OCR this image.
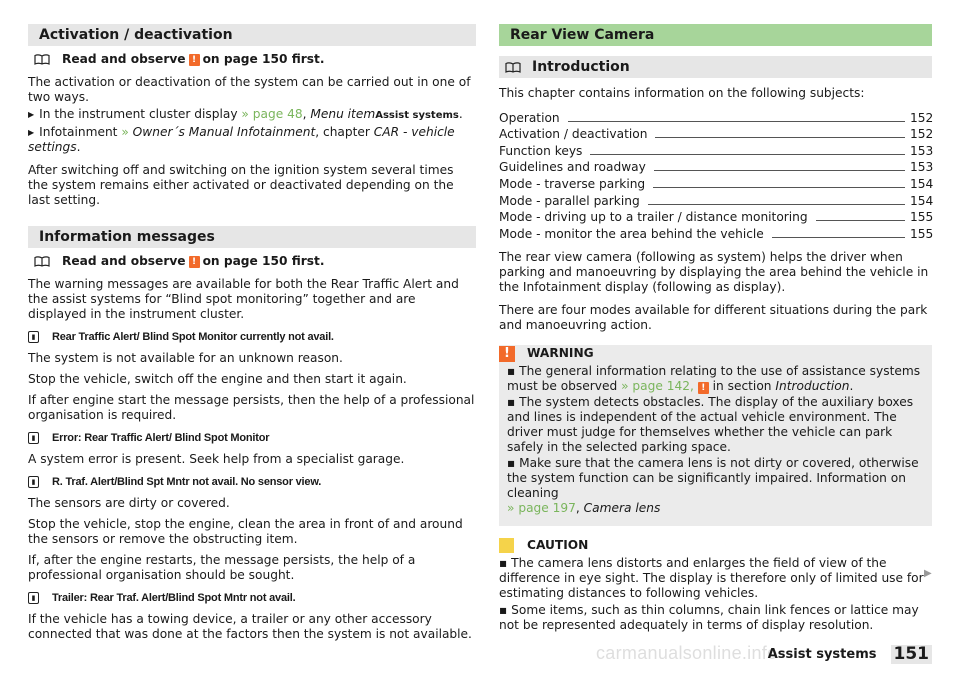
Activation / deactivation
Read and observe ! on page 150 first.

The activation or deactivation of the system can be carried out in one of two ways.

▶ In the instrument cluster display » page 48, Menu itemAssist systems.
▶ Infotainment » Owner´s Manual Infotainment, chapter CAR - vehicle settings.

After switching off and switching on the ignition system several times the system remains either activated or deactivated depending on the last setting.

Information messages
Read and observe ! on page 150 first.

The warning messages are available for both the Rear Traffic Alert and the assist systems for “Blind spot monitoring” together and are displayed in the instrument cluster.

▮	Rear Traffic Alert/ Blind Spot Monitor currently not avail.

The system is not available for an unknown reason.

Stop the vehicle, switch off the engine and then start it again.

If after engine start the message persists, then the help of a professional organisation is required.

▮	Error: Rear Traffic Alert/ Blind Spot Monitor

A system error is present. Seek help from a specialist garage.

▮	R. Traf. Alert/Blind Spt Mntr not avail. No sensor view.

The sensors are dirty or covered.

Stop the vehicle, stop the engine, clean the area in front of and around the sensors or remove the obstructing item.

If, after the engine restarts, the message persists, the help of a professional organisation should be sought.

▮	Trailer: Rear Traf. Alert/Blind Spot Mntr not avail.

If the vehicle has a towing device, a trailer or any other accessory connected that was done at the factors then the system is not available.

Rear View Camera
Introduction

This chapter contains information on the following subjects:

Operation	152
Activation / deactivation	152
Function keys	153
Guidelines and roadway	153
Mode - traverse parking	154
Mode - parallel parking	154
Mode - driving up to a trailer / distance monitoring	155
Mode - monitor the area behind the vehicle	155

The rear view camera (following as system) helps the driver when parking and manoeuvring by displaying the area behind the vehicle in the Infotainment display (following as display).

There are four modes available for different situations during the park and manoeuvring action.

!	WARNING
▪ The general information relating to the use of assistance systems must be observed » page 142, ! in section Introduction.
▪ The system detects obstacles. The display of the auxiliary boxes and lines is independent of the actual vehicle environment. The driver must judge for themselves whether the vehicle can park safely in the selected parking space.
▪ Make sure that the camera lens is not dirty or covered, otherwise the system function can be significantly impaired. Information on cleaning
» page 197, Camera lens
CAUTION
▪ The camera lens distorts and enlarges the field of view of the difference in eye sight. The display is therefore only of limited use for estimating distances to following vehicles.
▪ Some items, such as thin columns, chain link fences or lattice may not be represented adequately in terms of display resolution.
▶
carmanualsonline.info
Assist systems 151
